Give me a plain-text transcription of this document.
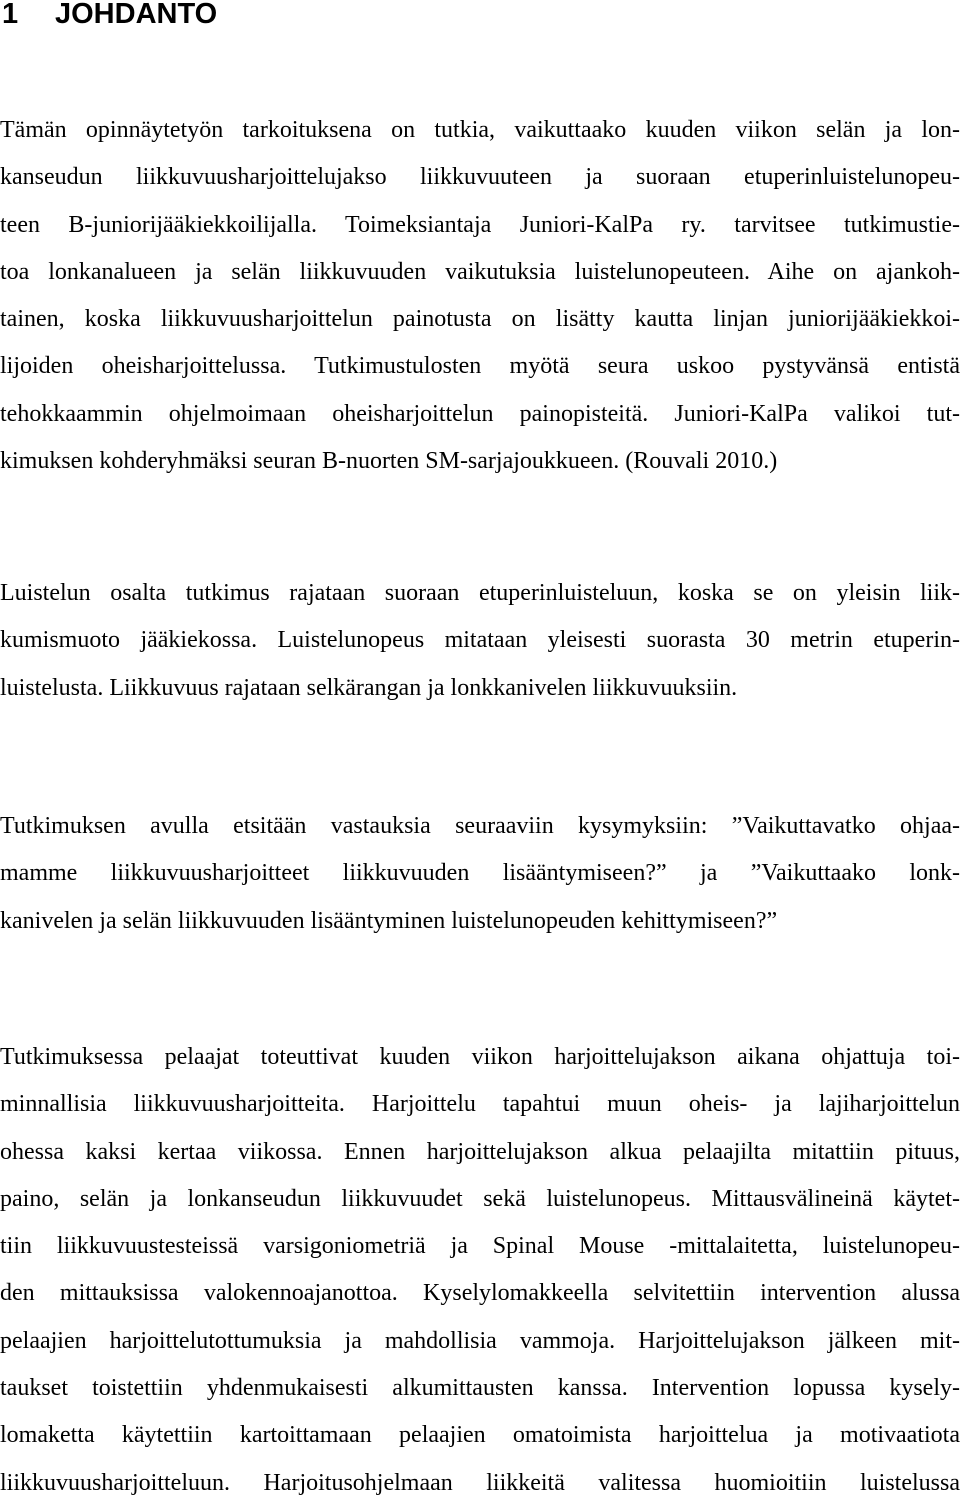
1 JOHDANTO
Tämän opinnäytetyön tarkoituksena on tutkia, vaikuttaako kuuden viikon selän ja lon-
kanseudun liikkuvuusharjoittelujakso liikkuvuuteen ja suoraan etuperinluistelunopeu-
teen B-juniorijääkiekkoilijalla. Toimeksiantaja Juniori-KalPa ry. tarvitsee tutkimustie-
toa lonkanalueen ja selän liikkuvuuden vaikutuksia luistelunopeuteen. Aihe on ajankoh-
tainen, koska liikkuvuusharjoittelun painotusta on lisätty kautta linjan juniorijääkiekkoi-
lijoiden oheisharjoittelussa. Tutkimustulosten myötä seura uskoo pystyvänsä entistä
tehokkaammin ohjelmoimaan oheisharjoittelun painopisteitä. Juniori-KalPa valikoi tut-
kimuksen kohderyhmäksi seuran B-nuorten SM-sarjajoukkueen. (Rouvali 2010.)
Luistelun osalta tutkimus rajataan suoraan etuperinluisteluun, koska se on yleisin liik-
kumismuoto jääkiekossa. Luistelunopeus mitataan yleisesti suorasta 30 metrin etuperin-
luistelusta. Liikkuvuus rajataan selkärangan ja lonkkanivelen liikkuvuuksiin.
Tutkimuksen avulla etsitään vastauksia seuraaviin kysymyksiin: ”Vaikuttavatko ohjaa-
mamme liikkuvuusharjoitteet liikkuvuuden lisääntymiseen?” ja ”Vaikuttaako lonk-
kanivelen ja selän liikkuvuuden lisääntyminen luistelunopeuden kehittymiseen?”
Tutkimuksessa pelaajat toteuttivat kuuden viikon harjoittelujakson aikana ohjattuja toi-
minnallisia liikkuvuusharjoitteita. Harjoittelu tapahtui muun oheis- ja lajiharjoittelun
ohessa kaksi kertaa viikossa. Ennen harjoittelujakson alkua pelaajilta mitattiin pituus,
paino, selän ja lonkanseudun liikkuvuudet sekä luistelunopeus. Mittausvälineinä käytet-
tiin liikkuvuustesteissä varsigoniometriä ja Spinal Mouse -mittalaitetta, luistelunopeu-
den mittauksissa valokennoajanottoa. Kyselylomakkeella selvitettiin intervention alussa
pelaajien harjoittelutottumuksia ja mahdollisia vammoja. Harjoittelujakson jälkeen mit-
taukset toistettiin yhdenmukaisesti alkumittausten kanssa. Intervention lopussa kysely-
lomaketta käytettiin kartoittamaan pelaajien omatoimista harjoittelua ja motivaatiota
liikkuvuusharjoitteluun. Harjoitusohjelmaan liikkeitä valitessa huomioitiin luistelussa
